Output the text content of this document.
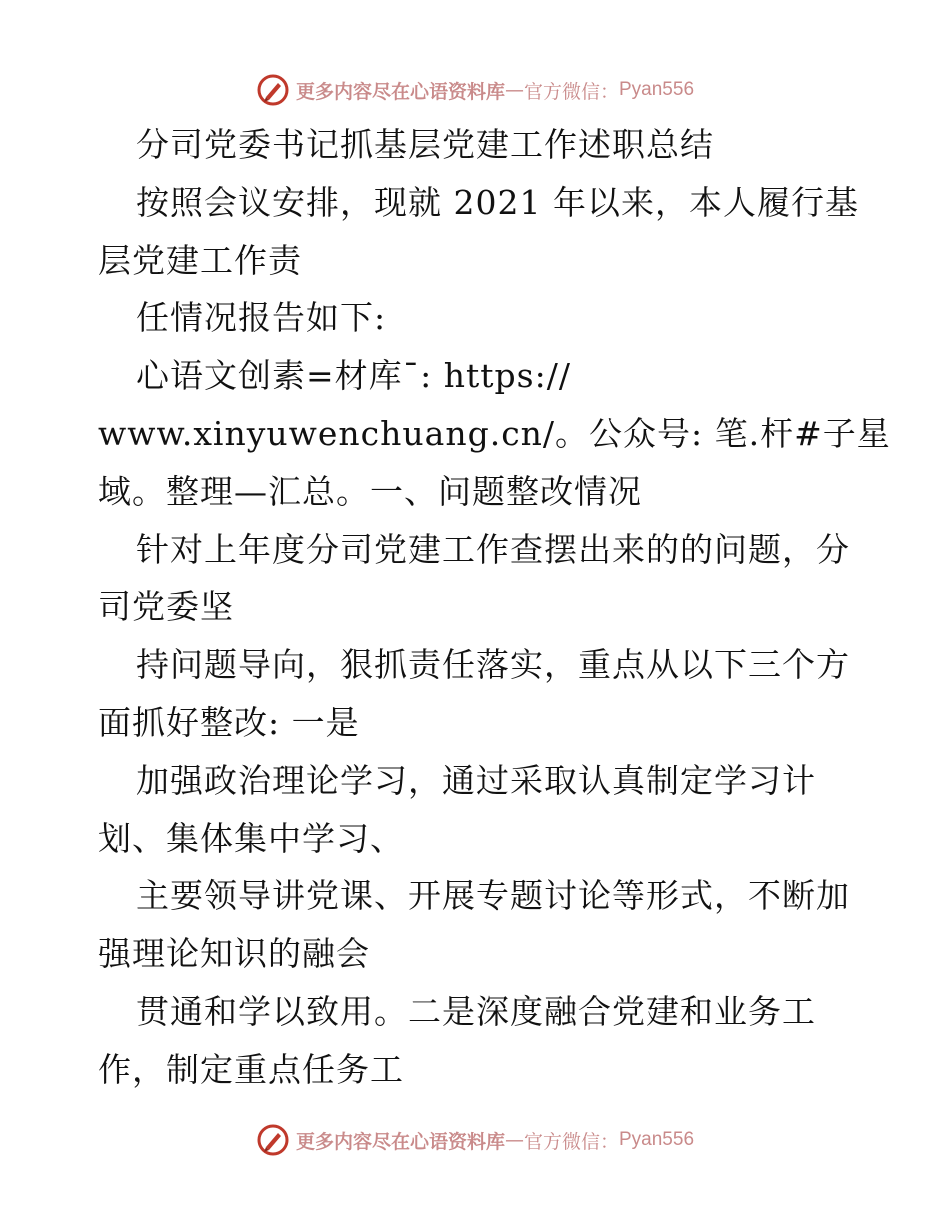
更多内容尽在心语资料库 — 官方微信： Pyan556
分司党委书记抓基层党建工作述职总结
按照会议安排，现就 2021 年以来，本人履行基
层党建工作责
任情况报告如下:
心语文创素=材库¯: https://
www.xinyuwenchuang.cn/。公众号: 笔.杆#子星
域。整理—汇总。一、问题整改情况
针对上年度分司党建工作查摆出来的的问题，分
司党委坚
持问题导向，狠抓责任落实，重点从以下三个方
面抓好整改: 一是
加强政治理论学习，通过采取认真制定学习计
划、集体集中学习、
主要领导讲党课、开展专题讨论等形式，不断加
强理论知识的融会
贯通和学以致用。二是深度融合党建和业务工
作，制定重点任务工
更多内容尽在心语资料库 — 官方微信： Pyan556
